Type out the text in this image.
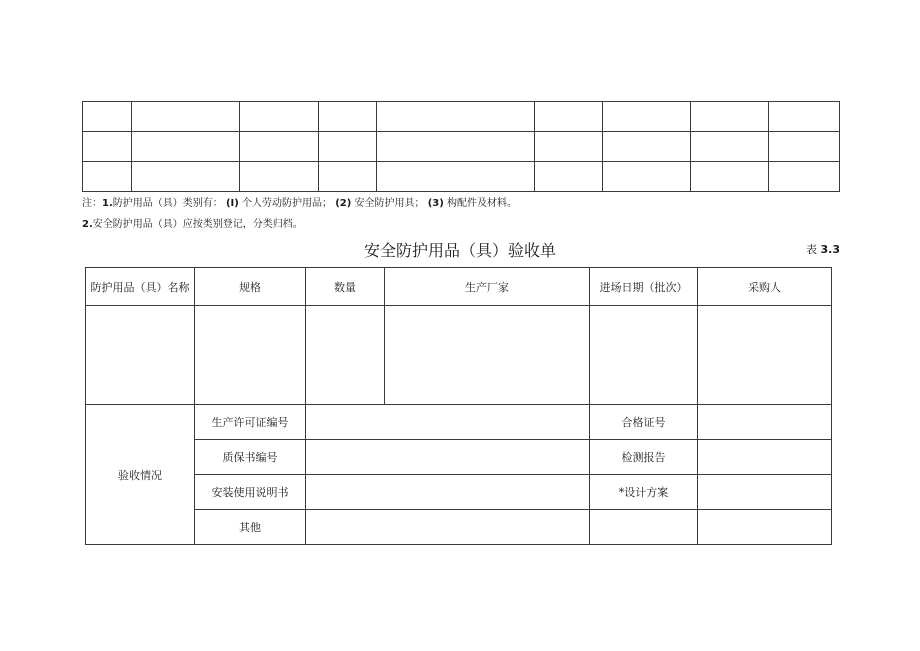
注：1.防护用品（具）类别有： (I) 个人劳动防护用品； (2) 安全防护用具； (3) 构配件及材料。
2.安全防护用品（具）应按类别登记，分类归档。
安全防护用品（具）验收单	表 3.3
防护用品（具）名称	规格	数量	生产厂家	进场日期（批次）	采购人

验收情况	生产许可证编号			合格证号	
	质保书编号			检测报告	
	安装使用说明书			*设计方案	
	其他				
